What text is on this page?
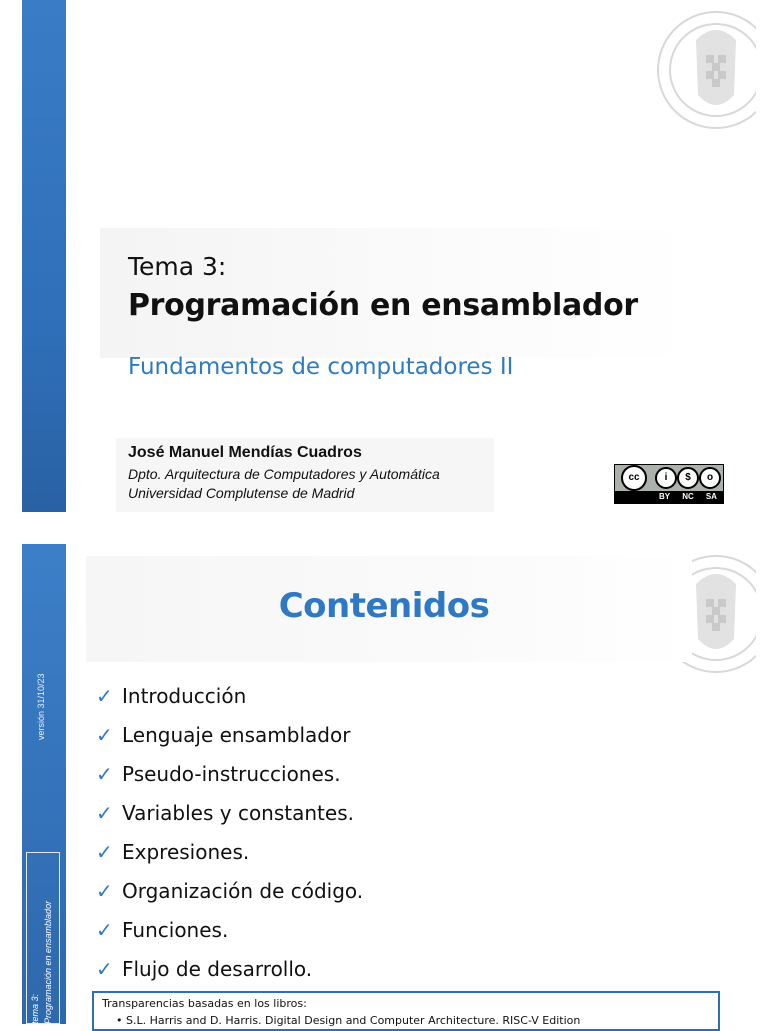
Tema 3:
Programación en ensamblador
Fundamentos de computadores II
José Manuel Mendías Cuadros
Dpto. Arquitectura de Computadores y Automática
Universidad Complutense de Madrid
cc	i	$	o
BY NC SA
versión 31/10/23
tema 3: Programación en ensamblador
Contenidos
✓ Introducción
✓ Lenguaje ensamblador
✓ Pseudo-instrucciones.
✓ Variables y constantes.
✓ Expresiones.
✓ Organización de código.
✓ Funciones.
✓ Flujo de desarrollo.
Transparencias basadas en los libros:
• S.L. Harris and D. Harris. Digital Design and Computer Architecture. RISC-V Edition
